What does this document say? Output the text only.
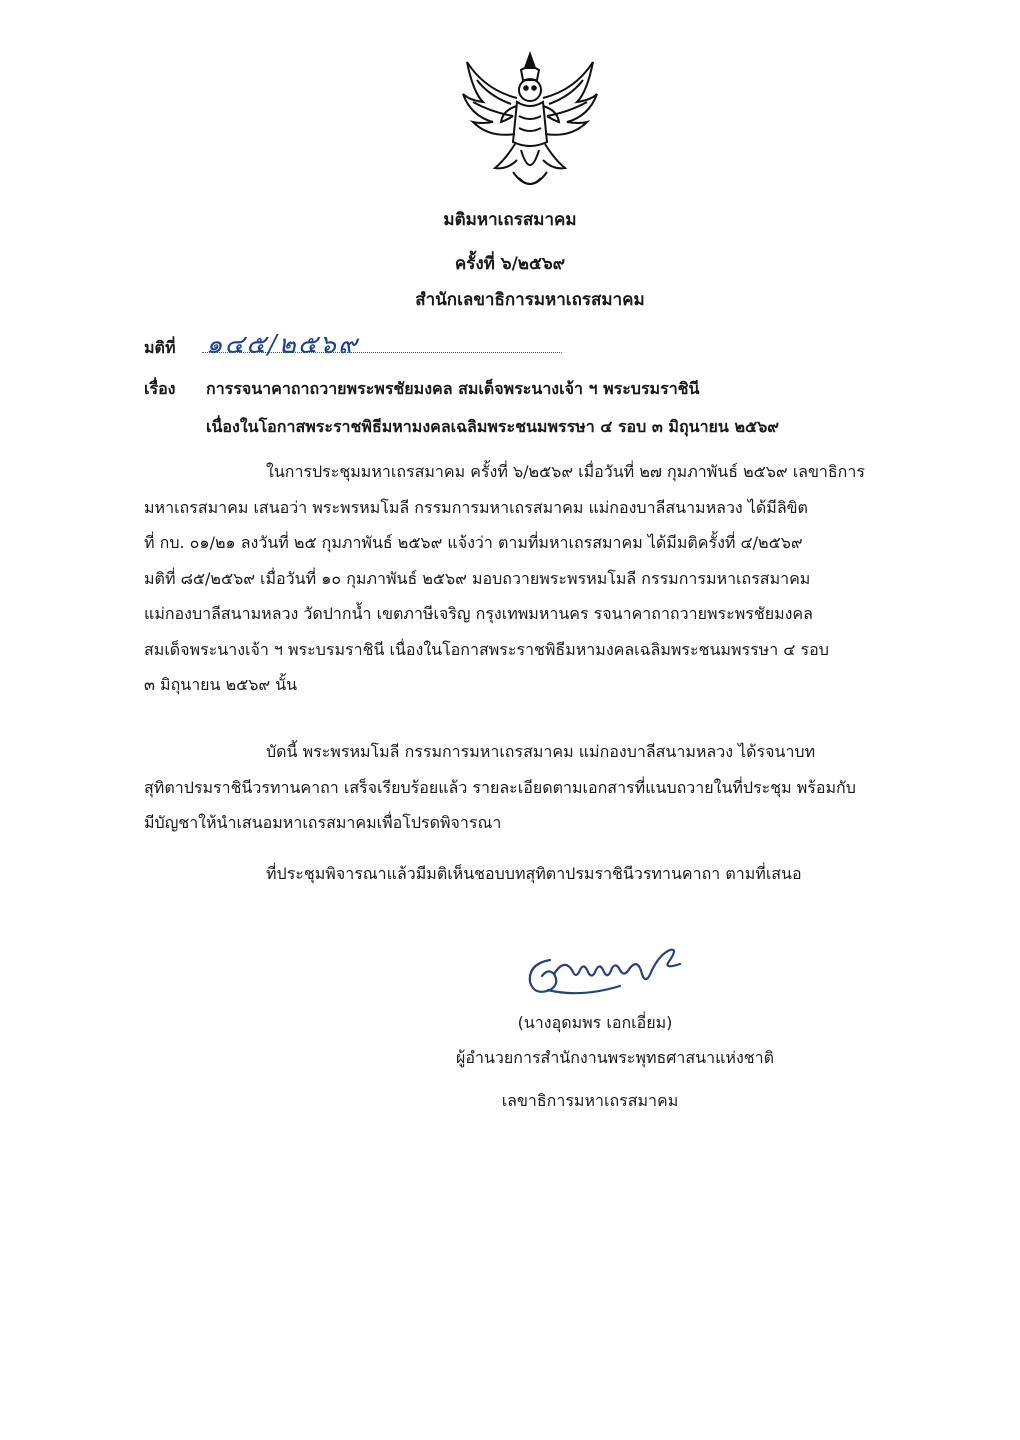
มติมหาเถรสมาคม
ครั้งที่ ๖/๒๕๖๙
สำนักเลขาธิการมหาเถรสมาคม
มติที่ ๑๔๕/๒๕๖๙
เรื่อง การรจนาคาถาถวายพระพรชัยมงคล สมเด็จพระนางเจ้า ฯ พระบรมราชินี
เนื่องในโอกาสพระราชพิธีมหามงคลเฉลิมพระชนมพรรษา ๔ รอบ ๓ มิถุนายน ๒๕๖๙
ในการประชุมมหาเถรสมาคม ครั้งที่ ๖/๒๕๖๙ เมื่อวันที่ ๒๗ กุมภาพันธ์ ๒๕๖๙ เลขาธิการ
มหาเถรสมาคม เสนอว่า พระพรหมโมลี กรรมการมหาเถรสมาคม แม่กองบาลีสนามหลวง ได้มีลิขิต
ที่ กบ. ๐๑/๒๑ ลงวันที่ ๒๕ กุมภาพันธ์ ๒๕๖๙ แจ้งว่า ตามที่มหาเถรสมาคม ได้มีมติครั้งที่ ๔/๒๕๖๙
มติที่ ๘๕/๒๕๖๙ เมื่อวันที่ ๑๐ กุมภาพันธ์ ๒๕๖๙ มอบถวายพระพรหมโมลี กรรมการมหาเถรสมาคม
แม่กองบาลีสนามหลวง วัดปากน้ำ เขตภาษีเจริญ กรุงเทพมหานคร รจนาคาถาถวายพระพรชัยมงคล
สมเด็จพระนางเจ้า ฯ พระบรมราชินี เนื่องในโอกาสพระราชพิธีมหามงคลเฉลิมพระชนมพรรษา ๔ รอบ
๓ มิถุนายน ๒๕๖๙ นั้น
บัดนี้ พระพรหมโมลี กรรมการมหาเถรสมาคม แม่กองบาลีสนามหลวง ได้รจนาบท
สุทิตาปรมราชินีวรทานคาถา เสร็จเรียบร้อยแล้ว รายละเอียดตามเอกสารที่แนบถวายในที่ประชุม พร้อมกับ
มีบัญชาให้นำเสนอมหาเถรสมาคมเพื่อโปรดพิจารณา
ที่ประชุมพิจารณาแล้วมีมติเห็นชอบบทสุทิตาปรมราชินีวรทานคาถา ตามที่เสนอ
(นางอุดมพร เอกเอี่ยม)
ผู้อำนวยการสำนักงานพระพุทธศาสนาแห่งชาติ
เลขาธิการมหาเถรสมาคม
